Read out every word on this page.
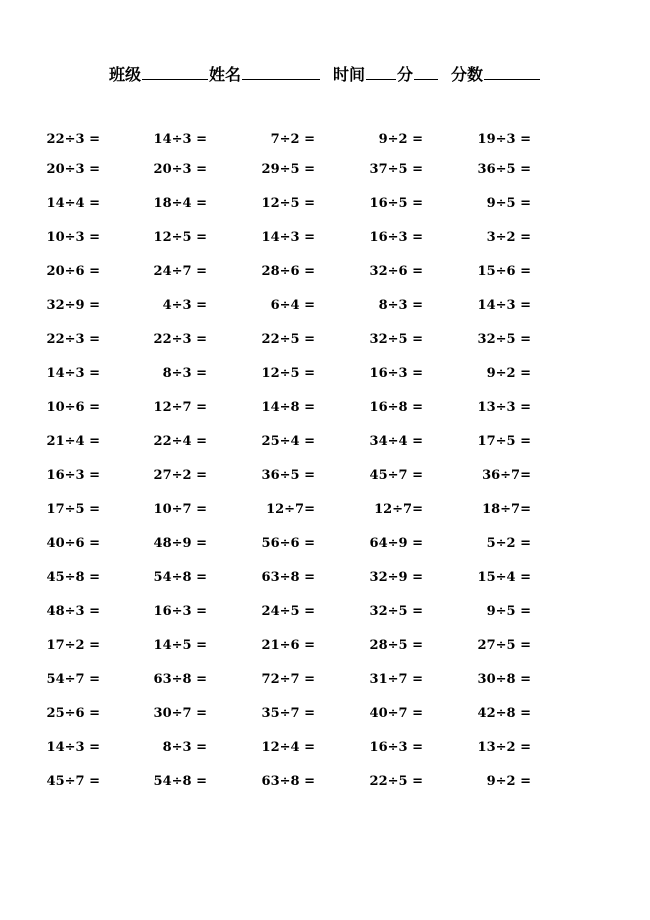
班级	姓名	时间 分 分数
22÷3 =	14÷3 =	7÷2 =	9÷2 =	19÷3 =
20÷3 =	20÷3 =	29÷5 =	37÷5 =	36÷5 =
14÷4 =	18÷4 =	12÷5 =	16÷5 =	9÷5 =
10÷3 =	12÷5 =	14÷3 =	16÷3 =	3÷2 =
20÷6 =	24÷7 =	28÷6 =	32÷6 =	15÷6 =
32÷9 =	4÷3 =	6÷4 =	8÷3 =	14÷3 =
22÷3 =	22÷3 =	22÷5 =	32÷5 =	32÷5 =
14÷3 =	8÷3 =	12÷5 =	16÷3 =	9÷2 =
10÷6 =	12÷7 =	14÷8 =	16÷8 =	13÷3 =
21÷4 =	22÷4 =	25÷4 =	34÷4 =	17÷5 =
16÷3 =	27÷2 =	36÷5 =	45÷7 =	36÷7=
17÷5 =	10÷7 =	12÷7=	12÷7=	18÷7=
40÷6 =	48÷9 =	56÷6 =	64÷9 =	5÷2 =
45÷8 =	54÷8 =	63÷8 =	32÷9 =	15÷4 =
48÷3 =	16÷3 =	24÷5 =	32÷5 =	9÷5 =
17÷2 =	14÷5 =	21÷6 =	28÷5 =	27÷5 =
54÷7 =	63÷8 =	72÷7 =	31÷7 =	30÷8 =
25÷6 =	30÷7 =	35÷7 =	40÷7 =	42÷8 =
14÷3 =	8÷3 =	12÷4 =	16÷3 =	13÷2 =
45÷7 =	54÷8 =	63÷8 =	22÷5 =	9÷2 =
